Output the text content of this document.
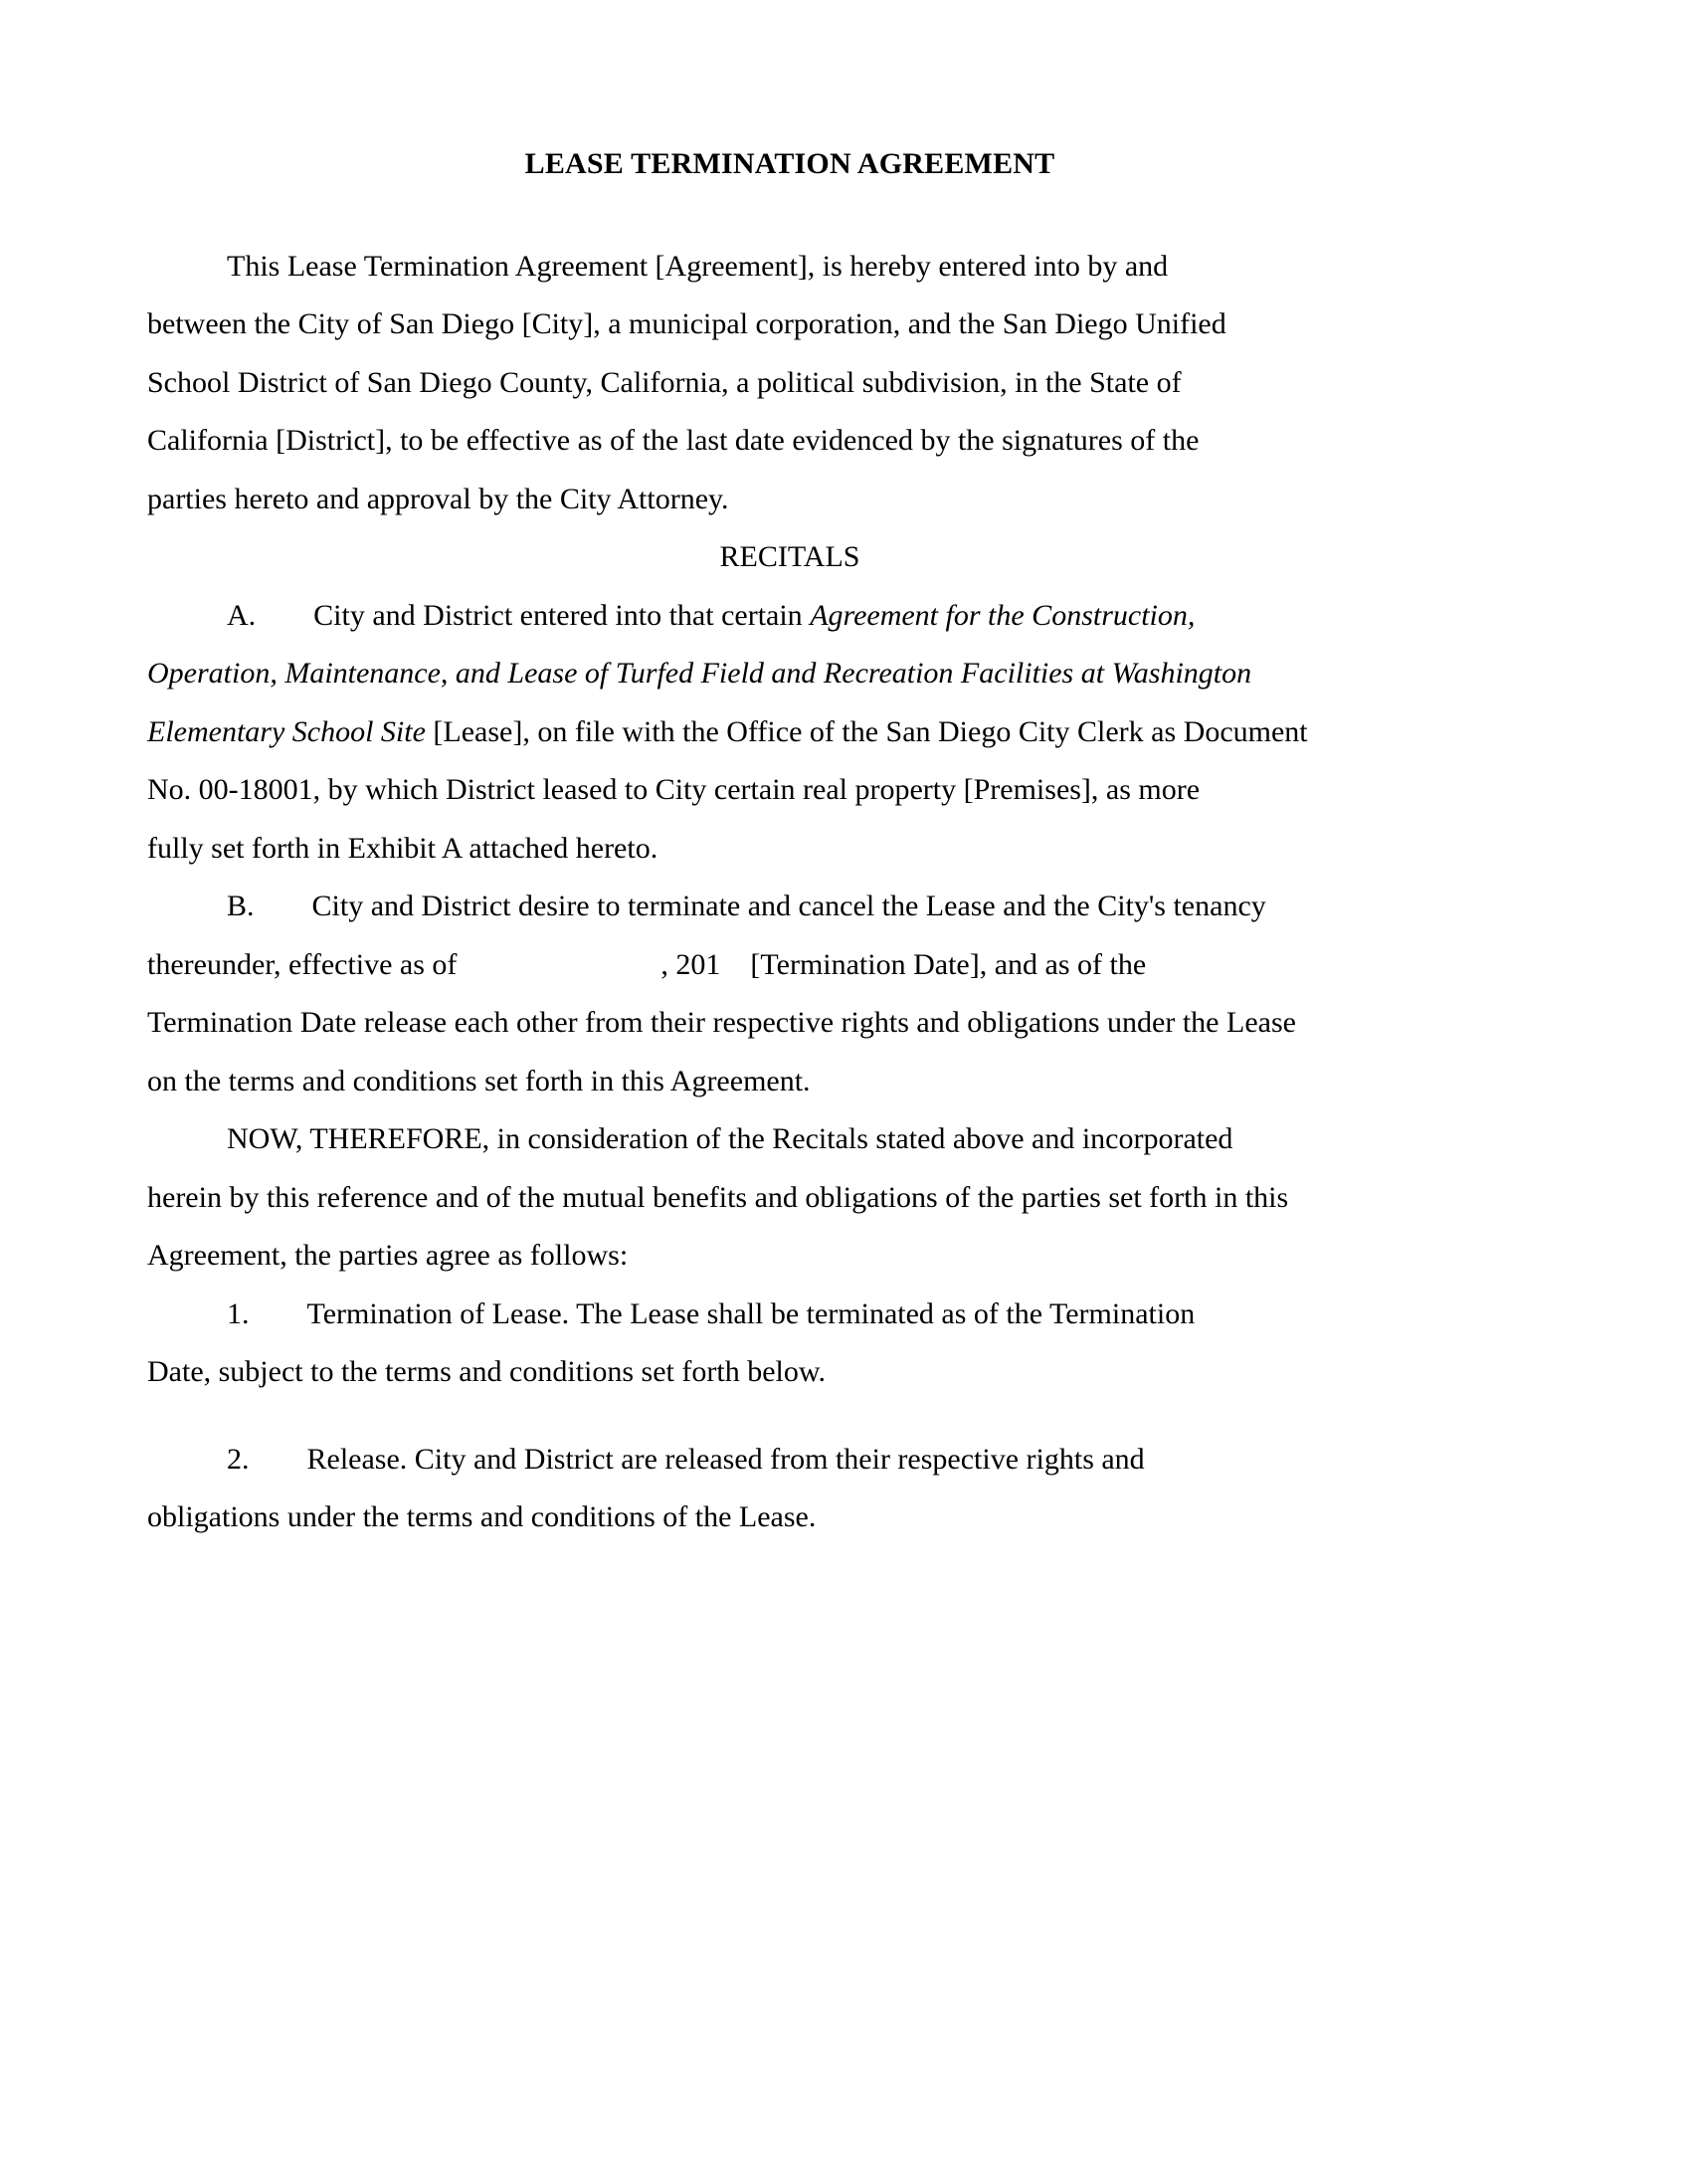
LEASE TERMINATION AGREEMENT

This Lease Termination Agreement [Agreement], is hereby entered into by and
between the City of San Diego [City], a municipal corporation, and the San Diego Unified
School District of San Diego County, California, a political subdivision, in the State of
California [District], to be effective as of the last date evidenced by the signatures of the
parties hereto and approval by the City Attorney.

RECITALS

A. City and District entered into that certain Agreement for the Construction,
Operation, Maintenance, and Lease of Turfed Field and Recreation Facilities at Washington
Elementary School Site [Lease], on file with the Office of the San Diego City Clerk as Document
No. 00-18001, by which District leased to City certain real property [Premises], as more
fully set forth in Exhibit A attached hereto.

B. City and District desire to terminate and cancel the Lease and the City's tenancy
thereunder, effective as of	, 201 [Termination Date], and as of the
Termination Date release each other from their respective rights and obligations under the Lease
on the terms and conditions set forth in this Agreement.

NOW, THEREFORE, in consideration of the Recitals stated above and incorporated
herein by this reference and of the mutual benefits and obligations of the parties set forth in this
Agreement, the parties agree as follows:

1. Termination of Lease. The Lease shall be terminated as of the Termination
Date, subject to the terms and conditions set forth below.

2. Release. City and District are released from their respective rights and
obligations under the terms and conditions of the Lease.
